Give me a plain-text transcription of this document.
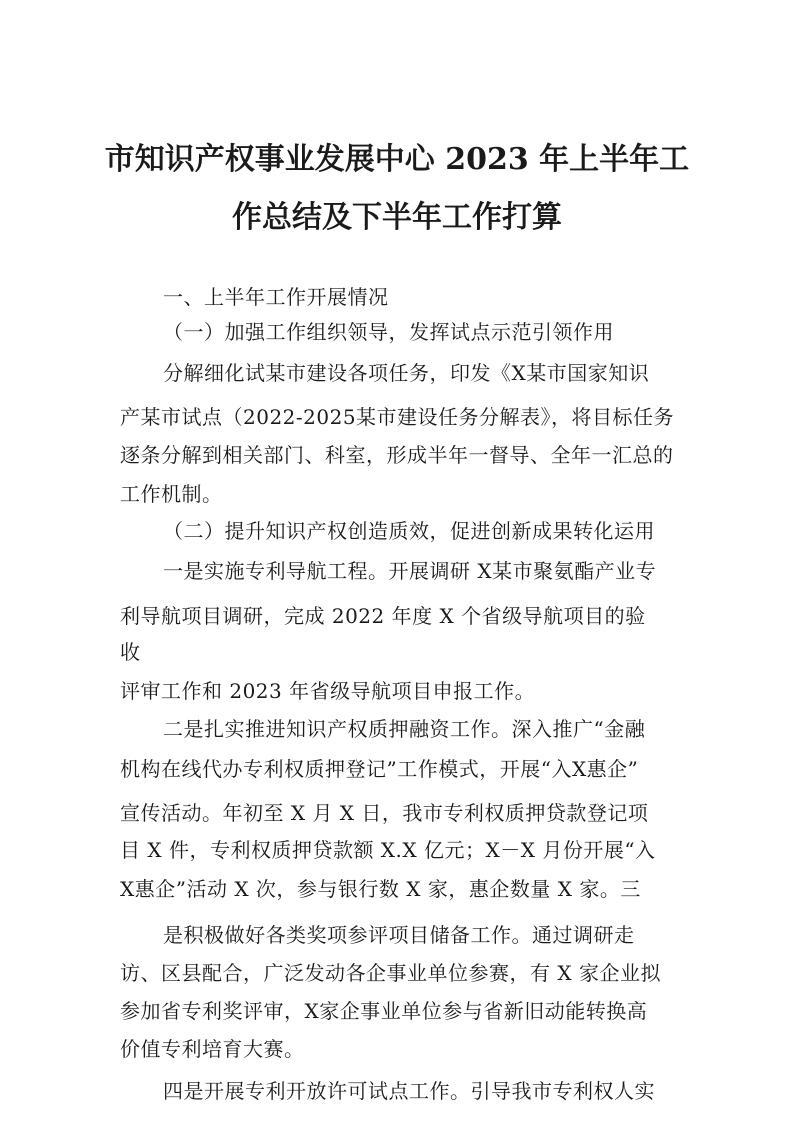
市知识产权事业发展中心 2023 年上半年工
作总结及下半年工作打算
一、上半年工作开展情况
（一）加强工作组织领导，发挥试点示范引领作用
分解细化试某市建设各项任务，印发《X某市国家知识
产某市试点（2022-2025某市建设任务分解表》，将目标任务
逐条分解到相关部门、科室，形成半年一督导、全年一汇总的
工作机制。
（二）提升知识产权创造质效，促进创新成果转化运用
一是实施专利导航工程。开展调研 X某市聚氨酯产业专
利导航项目调研，完成 2022 年度 X 个省级导航项目的验
收
评审工作和 2023 年省级导航项目申报工作。
二是扎实推进知识产权质押融资工作。深入推广“金融
机构在线代办专利权质押登记”工作模式，开展“入X惠企”
宣传活动。年初至 X 月 X 日，我市专利权质押贷款登记项
目 X 件，专利权质押贷款额 X.X 亿元；X－X 月份开展“入
X惠企”活动 X 次，参与银行数 X 家，惠企数量 X 家。三
是积极做好各类奖项参评项目储备工作。通过调研走
访、区县配合，广泛发动各企事业单位参赛，有 X 家企业拟
参加省专利奖评审，X家企事业单位参与省新旧动能转换高
价值专利培育大赛。
四是开展专利开放许可试点工作。引导我市专利权人实
